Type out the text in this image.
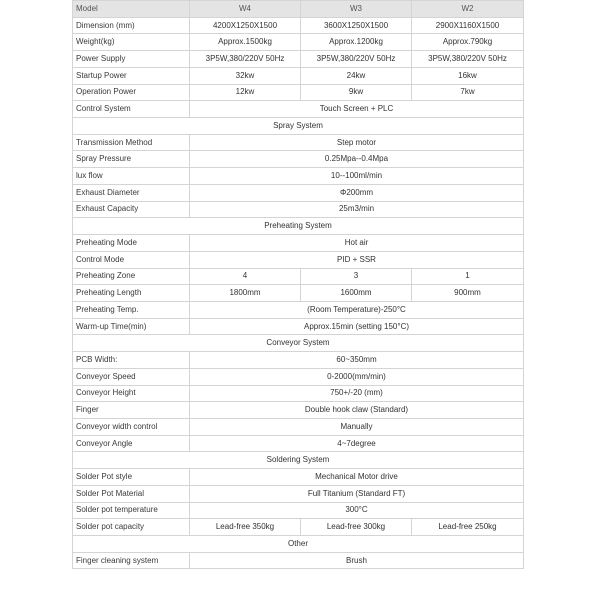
Model	W4	W3	W2
Dimension (mm)	4200X1250X1500	3600X1250X1500	2900X1160X1500
Weight(kg)	Approx.1500kg	Approx.1200kg	Approx.790kg
Power Supply	3P5W,380/220V 50Hz	3P5W,380/220V 50Hz	3P5W,380/220V 50Hz
Startup Power	32kw	24kw	16kw
Operation Power	12kw	9kw	7kw
Control System	Touch Screen + PLC		
Spray System			
Transmission Method	Step motor		
Spray Pressure	0.25Mpa--0.4Mpa		
lux flow	10--100ml/min		
Exhaust Diameter	Φ200mm		
Exhaust Capacity	25m3/min		
Preheating System			
Preheating Mode	Hot air		
Control Mode	PID + SSR		
Preheating Zone	4	3	1
Preheating Length	1800mm	1600mm	900mm
Preheating Temp.	(Room Temperature)-250°C		
Warm-up Time(min)	Approx.15min (setting 150°C)		
Conveyor System			
PCB Width:	60~350mm		
Conveyor Speed	0-2000(mm/min)		
Conveyor Height	750+/-20 (mm)		
Finger	Double hook claw (Standard)		
Conveyor width control	Manually		
Conveyor Angle	4~7degree		
Soldering System			
Solder Pot style	Mechanical Motor drive		
Solder Pot Material	Full Titanium (Standard FT)		
Solder pot temperature	300°C		
Solder pot capacity	Lead-free 350kg	Lead-free 300kg	Lead-free 250kg
Other			
Finger cleaning system	Brush		
